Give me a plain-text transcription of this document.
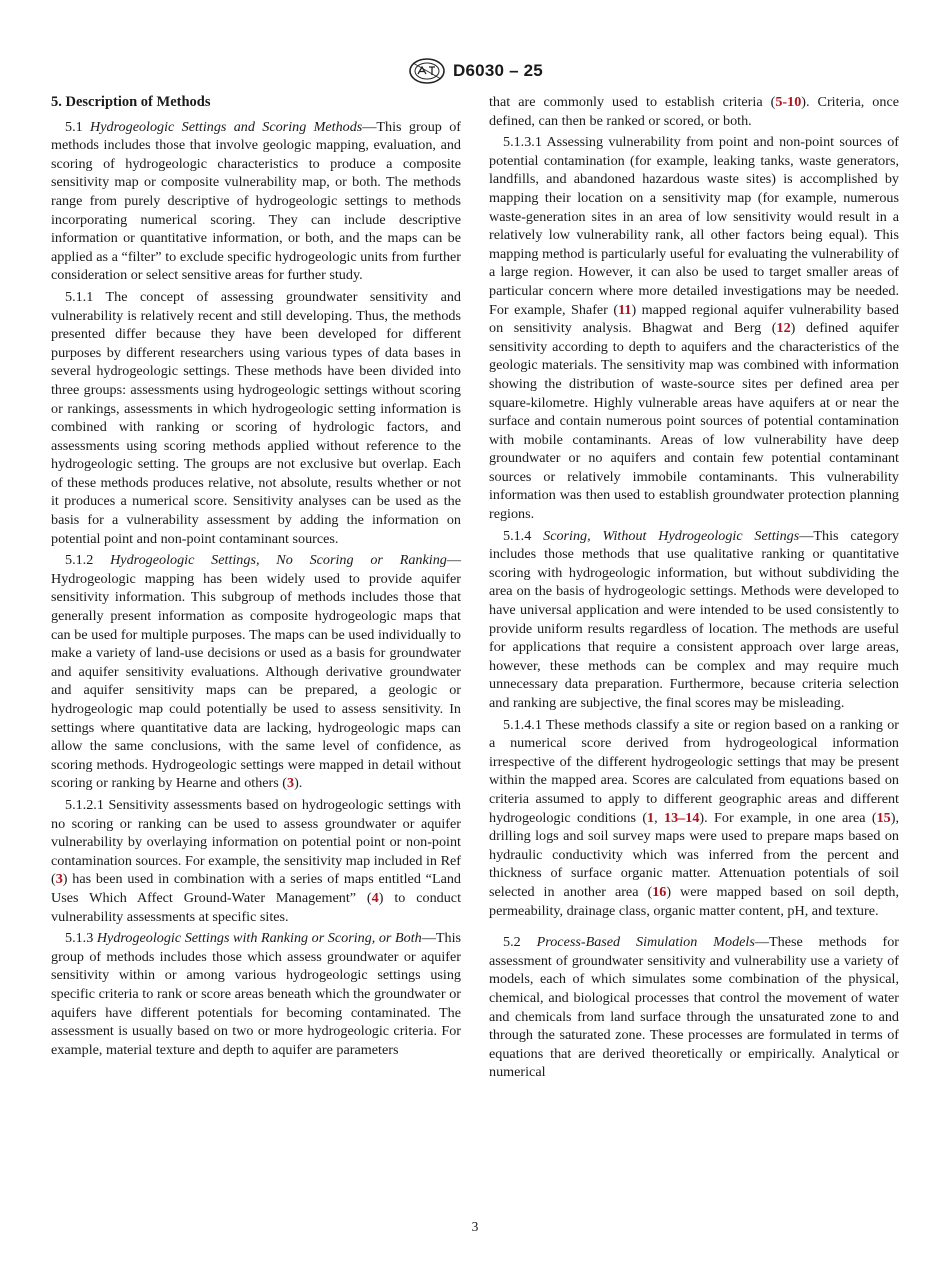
D6030 – 25
5. Description of Methods

5.1 Hydrogeologic Settings and Scoring Methods—This group of methods includes those that involve geologic mapping, evaluation, and scoring of hydrogeologic characteristics to produce a composite sensitivity map or composite vulnerability map, or both. The methods range from purely descriptive of hydrogeologic settings to methods incorporating numerical scoring. They can include descriptive information or quantitative information, or both, and the maps can be applied as a “filter” to exclude specific hydrogeologic units from further consideration or select sensitive areas for further study.

5.1.1 The concept of assessing groundwater sensitivity and vulnerability is relatively recent and still developing. Thus, the methods presented differ because they have been developed for different purposes by different researchers using various types of data bases in several hydrogeologic settings. These methods have been divided into three groups: assessments using hydrogeologic settings without scoring or rankings, assessments in which hydrogeologic setting information is combined with ranking or scoring of hydrologic factors, and assessments using scoring methods applied without reference to the hydrogeologic setting. The groups are not exclusive but overlap. Each of these methods produces relative, not absolute, results whether or not it produces a numerical score. Sensitivity analyses can be used as the basis for a vulnerability assessment by adding the information on potential point and non-point contaminant sources.

5.1.2 Hydrogeologic Settings, No Scoring or Ranking—Hydrogeologic mapping has been widely used to provide aquifer sensitivity information. This subgroup of methods includes those that generally present information as composite hydrogeologic maps that can be used for multiple purposes. The maps can be used individually to make a variety of land-use decisions or used as a basis for groundwater and aquifer sensitivity evaluations. Although derivative groundwater and aquifer sensitivity maps can be prepared, a geologic or hydrogeologic map could potentially be used to assess sensitivity. In settings where quantitative data are lacking, hydrogeologic maps can allow the same conclusions, with the same level of confidence, as scoring methods. Hydrogeologic settings were mapped in detail without scoring or ranking by Hearne and others (3).

5.1.2.1 Sensitivity assessments based on hydrogeologic settings with no scoring or ranking can be used to assess groundwater or aquifer vulnerability by overlaying information on potential point or non-point contamination sources. For example, the sensitivity map included in Ref (3) has been used in combination with a series of maps entitled “Land Uses Which Affect Ground-Water Management” (4) to conduct vulnerability assessments at specific sites.

5.1.3 Hydrogeologic Settings with Ranking or Scoring, or Both—This group of methods includes those which assess groundwater or aquifer sensitivity within or among various hydrogeologic settings using specific criteria to rank or score areas beneath which the groundwater or aquifers have different potentials for becoming contaminated. The assessment is usually based on two or more hydrogeologic criteria. For example, material texture and depth to aquifer are parameters

that are commonly used to establish criteria (5-10). Criteria, once defined, can then be ranked or scored, or both.

5.1.3.1 Assessing vulnerability from point and non-point sources of potential contamination (for example, leaking tanks, waste generators, landfills, and abandoned hazardous waste sites) is accomplished by mapping their location on a sensitivity map (for example, numerous waste-generation sites in an area of low sensitivity would result in a relatively low vulnerability rank, all other factors being equal). This mapping method is particularly useful for evaluating the vulnerability of a large region. However, it can also be used to target smaller areas of particular concern where more detailed investigations may be needed. For example, Shafer (11) mapped regional aquifer vulnerability based on sensitivity analysis. Bhagwat and Berg (12) defined aquifer sensitivity according to depth to aquifers and the characteristics of the geologic materials. The sensitivity map was combined with information showing the distribution of waste-source sites per defined area per square-kilometre. Highly vulnerable areas have aquifers at or near the surface and contain numerous point sources of potential contamination with mobile contaminants. Areas of low vulnerability have deep groundwater or no aquifers and contain few potential contaminant sources or relatively immobile contaminants. This vulnerability information was then used to establish groundwater protection planning regions.

5.1.4 Scoring, Without Hydrogeologic Settings—This category includes those methods that use qualitative ranking or quantitative scoring with hydrogeologic information, but without subdividing the area on the basis of hydrogeologic settings. Methods were developed to have universal application and were intended to be used consistently to provide uniform results regardless of location. The methods are useful for applications that require a consistent approach over large areas, however, these methods can be complex and may require much unnecessary data preparation. Furthermore, because criteria selection and ranking are subjective, the final scores may be misleading.

5.1.4.1 These methods classify a site or region based on a ranking or a numerical score derived from hydrogeological information irrespective of the different hydrogeologic settings that may be present within the mapped area. Scores are calculated from equations based on criteria assumed to apply to different geographic areas and different hydrogeologic conditions (1, 13–14). For example, in one area (15), drilling logs and soil survey maps were used to prepare maps based on hydraulic conductivity which was inferred from the percent and thickness of surface organic matter. Attenuation potentials of soil selected in another area (16) were mapped based on soil depth, permeability, drainage class, organic matter content, pH, and texture.

5.2 Process-Based Simulation Models—These methods for assessment of groundwater sensitivity and vulnerability use a variety of models, each of which simulates some combination of the physical, chemical, and biological processes that control the movement of water and chemicals from land surface through the unsaturated zone to and through the saturated zone. These processes are formulated in terms of equations that are derived theoretically or empirically. Analytical or numerical

3
